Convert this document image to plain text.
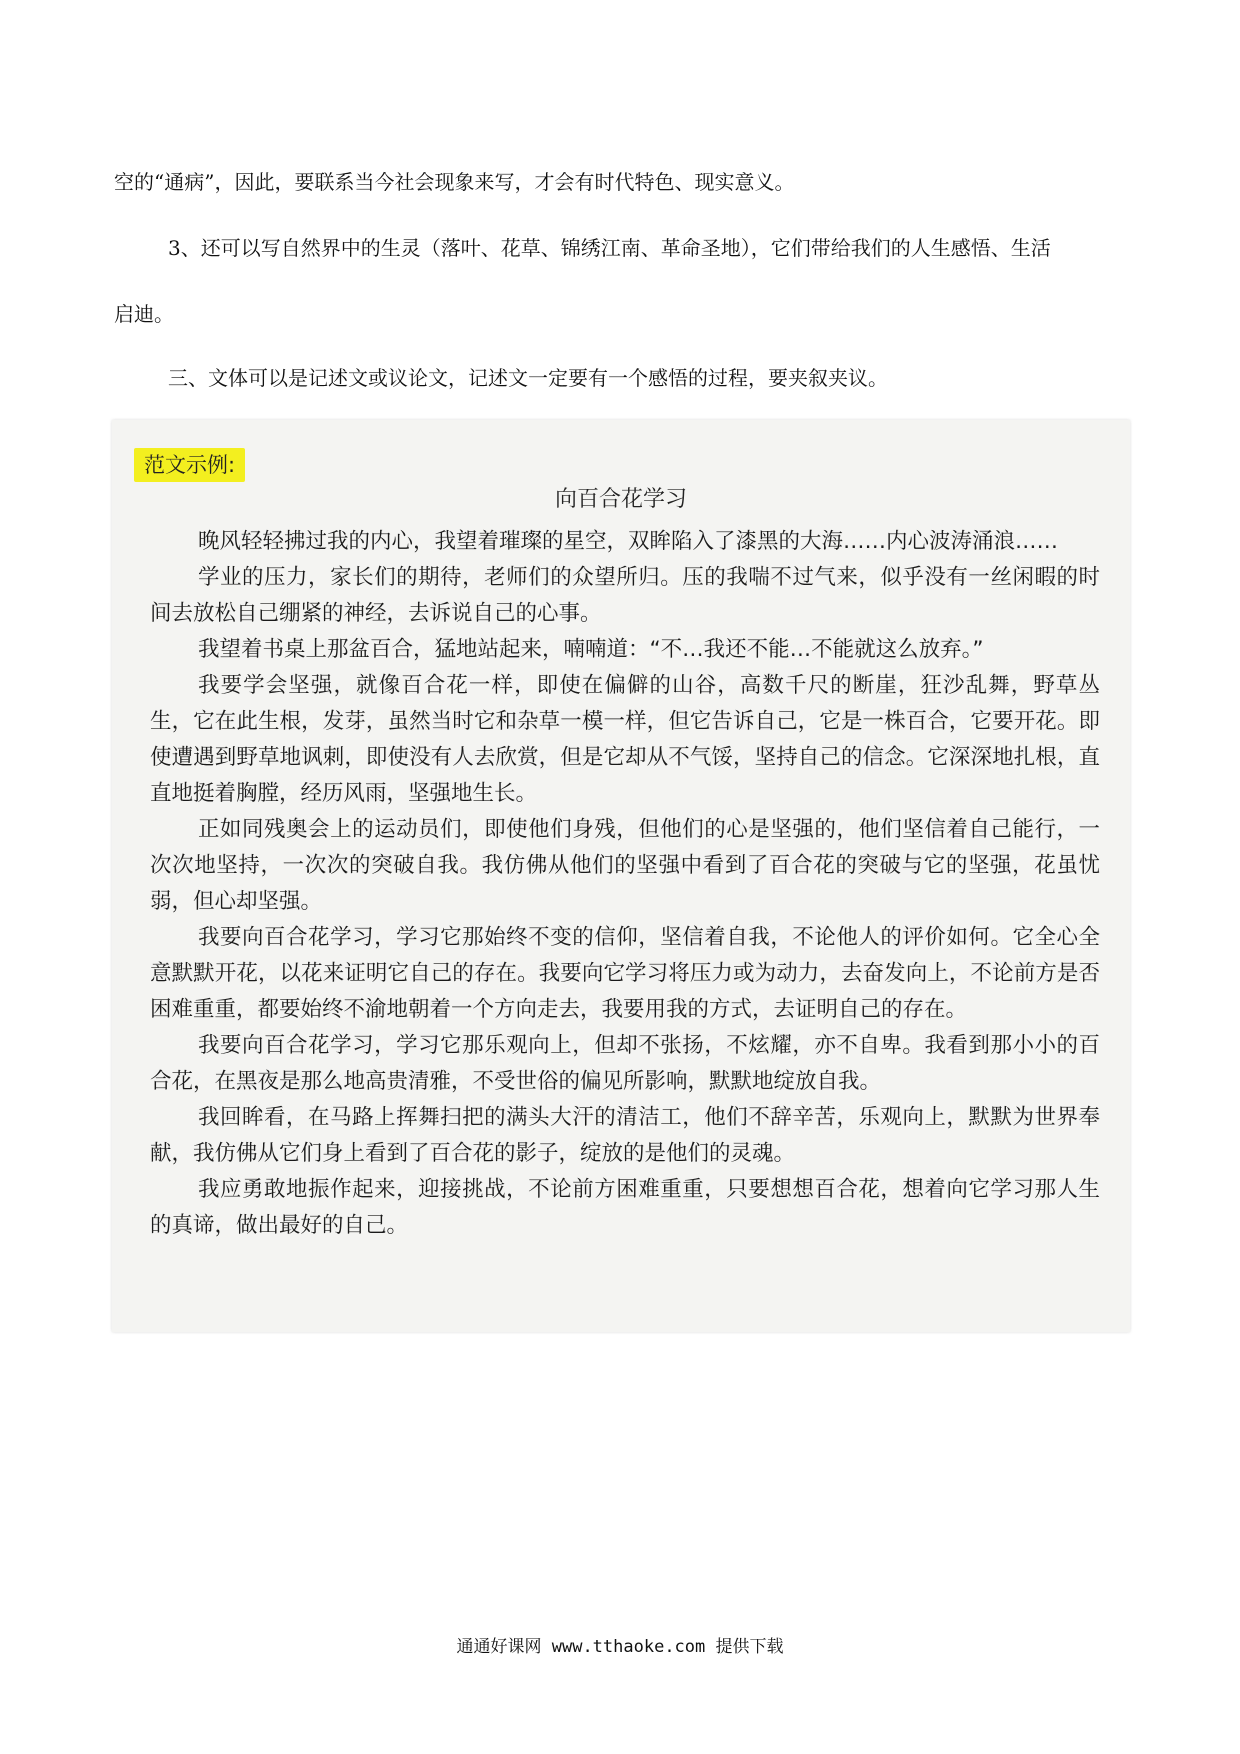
空的“通病”，因此，要联系当今社会现象来写，才会有时代特色、现实意义。

3、还可以写自然界中的生灵（落叶、花草、锦绣江南、革命圣地），它们带给我们的人生感悟、生活

启迪。

三、文体可以是记述文或议论文，记述文一定要有一个感悟的过程，要夹叙夹议。

范文示例:
向百合花学习

晚风轻轻拂过我的内心，我望着璀璨的星空，双眸陷入了漆黑的大海……内心波涛涌浪……

学业的压力，家长们的期待，老师们的众望所归。压的我喘不过气来，似乎没有一丝闲暇的时间去放松自己绷紧的神经，去诉说自己的心事。

我望着书桌上那盆百合，猛地站起来，喃喃道：“不…我还不能…不能就这么放弃。”

我要学会坚强，就像百合花一样，即使在偏僻的山谷，高数千尺的断崖，狂沙乱舞，野草丛生，它在此生根，发芽，虽然当时它和杂草一模一样，但它告诉自己，它是一株百合，它要开花。即使遭遇到野草地讽刺，即使没有人去欣赏，但是它却从不气馁，坚持自己的信念。它深深地扎根，直直地挺着胸膛，经历风雨，坚强地生长。

正如同残奥会上的运动员们，即使他们身残，但他们的心是坚强的，他们坚信着自己能行，一次次地坚持，一次次的突破自我。我仿佛从他们的坚强中看到了百合花的突破与它的坚强，花虽忧弱，但心却坚强。

我要向百合花学习，学习它那始终不变的信仰，坚信着自我，不论他人的评价如何。它全心全意默默开花，以花来证明它自己的存在。我要向它学习将压力或为动力，去奋发向上，不论前方是否困难重重，都要始终不渝地朝着一个方向走去，我要用我的方式，去证明自己的存在。

我要向百合花学习，学习它那乐观向上，但却不张扬，不炫耀，亦不自卑。我看到那小小的百合花，在黑夜是那么地高贵清雅，不受世俗的偏见所影响，默默地绽放自我。

我回眸看，在马路上挥舞扫把的满头大汗的清洁工，他们不辞辛苦，乐观向上，默默为世界奉献，我仿佛从它们身上看到了百合花的影子，绽放的是他们的灵魂。

我应勇敢地振作起来，迎接挑战，不论前方困难重重，只要想想百合花，想着向它学习那人生的真谛，做出最好的自己。

通通好课网 www.tthaoke.com 提供下载
